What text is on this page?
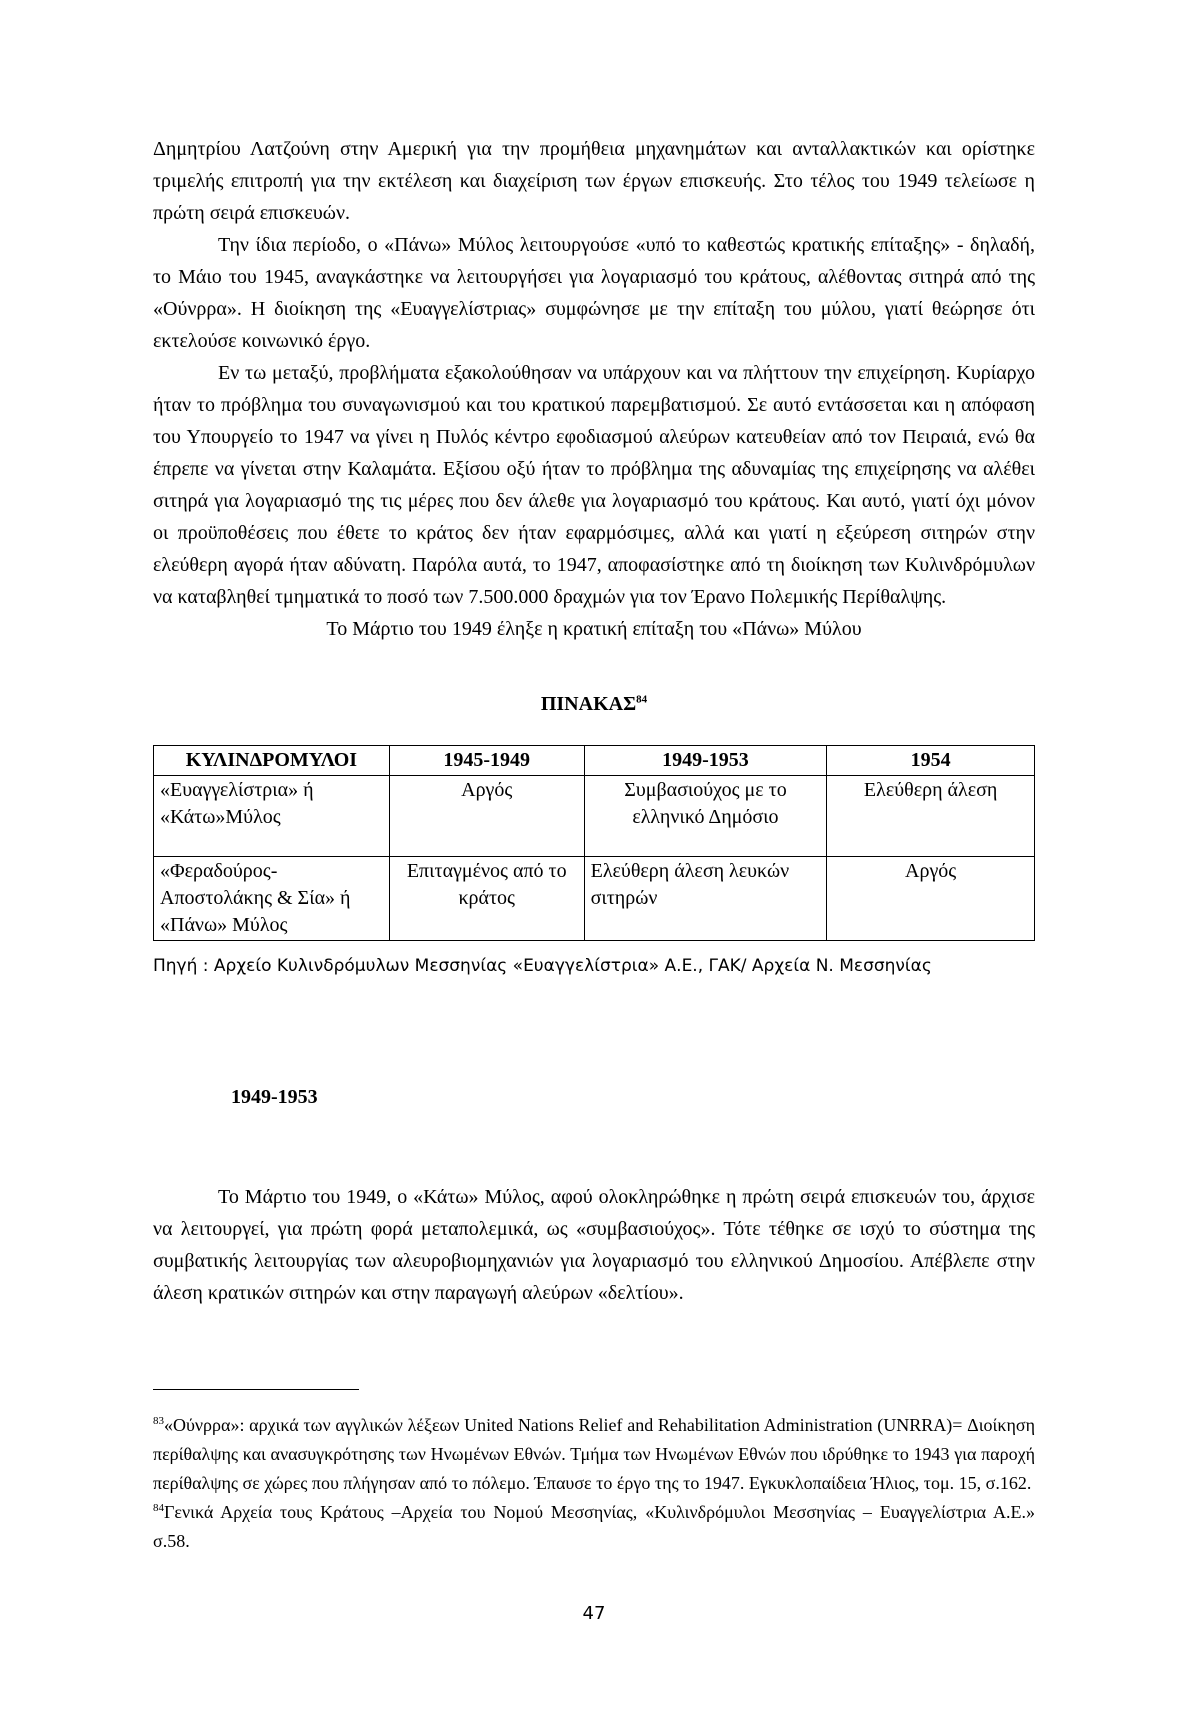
Δημητρίου Λατζούνη στην Αμερική για την προμήθεια μηχανημάτων και ανταλλακτικών και ορίστηκε τριμελής επιτροπή για την εκτέλεση και διαχείριση των έργων επισκευής. Στο τέλος του 1949 τελείωσε η πρώτη σειρά επισκευών.

Την ίδια περίοδο, ο «Πάνω» Μύλος λειτουργούσε «υπό το καθεστώς κρατικής επίταξης» - δηλαδή, το Μάιο του 1945, αναγκάστηκε να λειτουργήσει για λογαριασμό του κράτους, αλέθοντας σιτηρά από της «Ούνρρα». Η διοίκηση της «Ευαγγελίστριας» συμφώνησε με την επίταξη του μύλου, γιατί θεώρησε ότι εκτελούσε κοινωνικό έργο.

Εν τω μεταξύ, προβλήματα εξακολούθησαν να υπάρχουν και να πλήττουν την επιχείρηση. Κυρίαρχο ήταν το πρόβλημα του συναγωνισμού και του κρατικού παρεμβατισμού. Σε αυτό εντάσσεται και η απόφαση του Υπουργείο το 1947 να γίνει η Πυλός κέντρο εφοδιασμού αλεύρων κατευθείαν από τον Πειραιά, ενώ θα έπρεπε να γίνεται στην Καλαμάτα. Εξίσου οξύ ήταν το πρόβλημα της αδυναμίας της επιχείρησης να αλέθει σιτηρά για λογαριασμό της τις μέρες που δεν άλεθε για λογαριασμό του κράτους. Και αυτό, γιατί όχι μόνον οι προϋποθέσεις που έθετε το κράτος δεν ήταν εφαρμόσιμες, αλλά και γιατί η εξεύρεση σιτηρών στην ελεύθερη αγορά ήταν αδύνατη. Παρόλα αυτά, το 1947, αποφασίστηκε από τη διοίκηση των Κυλινδρόμυλων να καταβληθεί τμηματικά το ποσό των 7.500.000 δραχμών για τον Έρανο Πολεμικής Περίθαλψης.

Το Μάρτιο του 1949 έληξε η κρατική επίταξη του «Πάνω» Μύλου

ΠΙΝΑΚΑΣ$^{84}$
ΚΥΛΙΝΔΡΟΜΥΛΟΙ	1945-1949	1949-1953	1954
«Ευαγγελίστρια» ή «Κάτω»Μύλος	Αργός	Συμβασιούχος με το ελληνικό Δημόσιο	Ελεύθερη άλεση
«Φεραδούρος-Αποστολάκης & Σία» ή «Πάνω» Μύλος	Επιταγμένος από το κράτος	Ελεύθερη άλεση λευκών σιτηρών	Αργός
Πηγή : Αρχείο Κυλινδρόμυλων Μεσσηνίας «Ευαγγελίστρια» Α.Ε., ΓΑΚ/ Αρχεία Ν. Μεσσηνίας
1949-1953

Το Μάρτιο του 1949, ο «Κάτω» Μύλος, αφού ολοκληρώθηκε η πρώτη σειρά επισκευών του, άρχισε να λειτουργεί, για πρώτη φορά μεταπολεμικά, ως «συμβασιούχος». Τότε τέθηκε σε ισχύ το σύστημα της συμβατικής λειτουργίας των αλευροβιομηχανιών για λογαριασμό του ελληνικού Δημοσίου. Απέβλεπε στην άλεση κρατικών σιτηρών και στην παραγωγή αλεύρων «δελτίου».

$^{83}$«Ούνρρα»: αρχικά των αγγλικών λέξεων United Nations Relief and Rehabilitation Administration (UNRRA)= Διοίκηση περίθαλψης και ανασυγκρότησης των Ηνωμένων Εθνών. Τμήμα των Ηνωμένων Εθνών που ιδρύθηκε το 1943 για παροχή περίθαλψης σε χώρες που πλήγησαν από το πόλεμο. Έπαυσε το έργο της το 1947. Εγκυκλοπαίδεια Ήλιος, τομ. 15, σ.162.

$^{84}$Γενικά Αρχεία τους Κράτους –Αρχεία του Νομού Μεσσηνίας, «Κυλινδρόμυλοι Μεσσηνίας – Ευαγγελίστρια Α.Ε.» σ.58.

47
